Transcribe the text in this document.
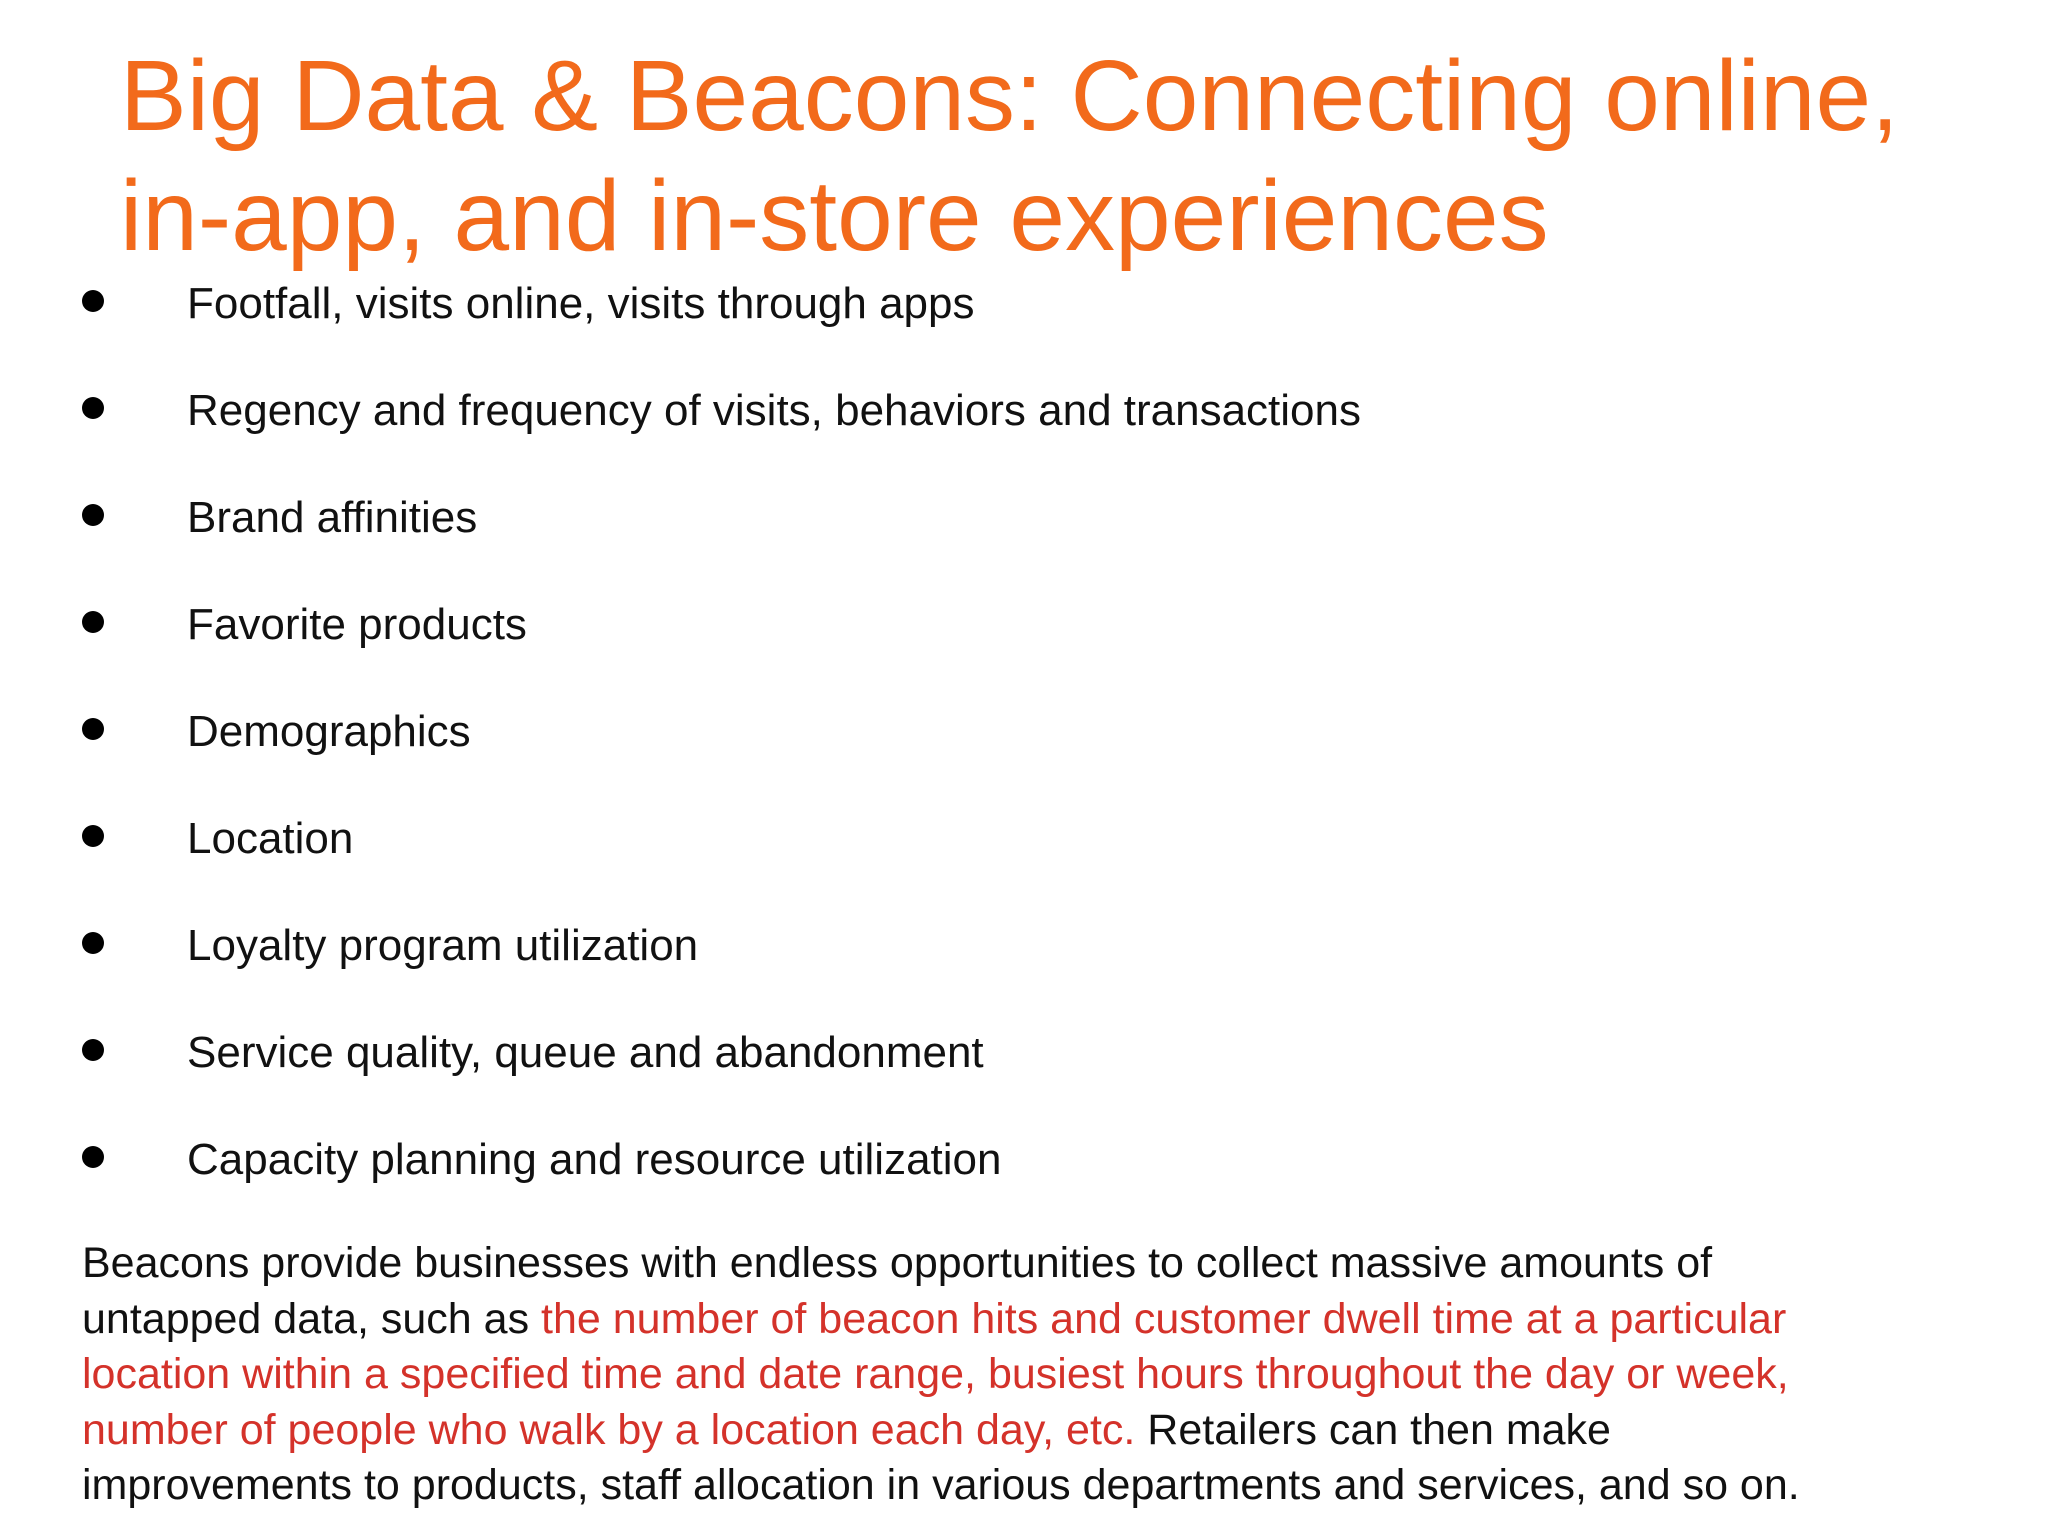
Big Data & Beacons: Connecting online,
in-app, and in-store experiences
Footfall, visits online, visits through apps
Regency and frequency of visits, behaviors and transactions
Brand affinities
Favorite products
Demographics
Location
Loyalty program utilization
Service quality, queue and abandonment
Capacity planning and resource utilization

Beacons provide businesses with endless opportunities to collect massive amounts of
untapped data, such as the number of beacon hits and customer dwell time at a particular
location within a specified time and date range, busiest hours throughout the day or week,
number of people who walk by a location each day, etc. Retailers can then make
improvements to products, staff allocation in various departments and services, and so on.
